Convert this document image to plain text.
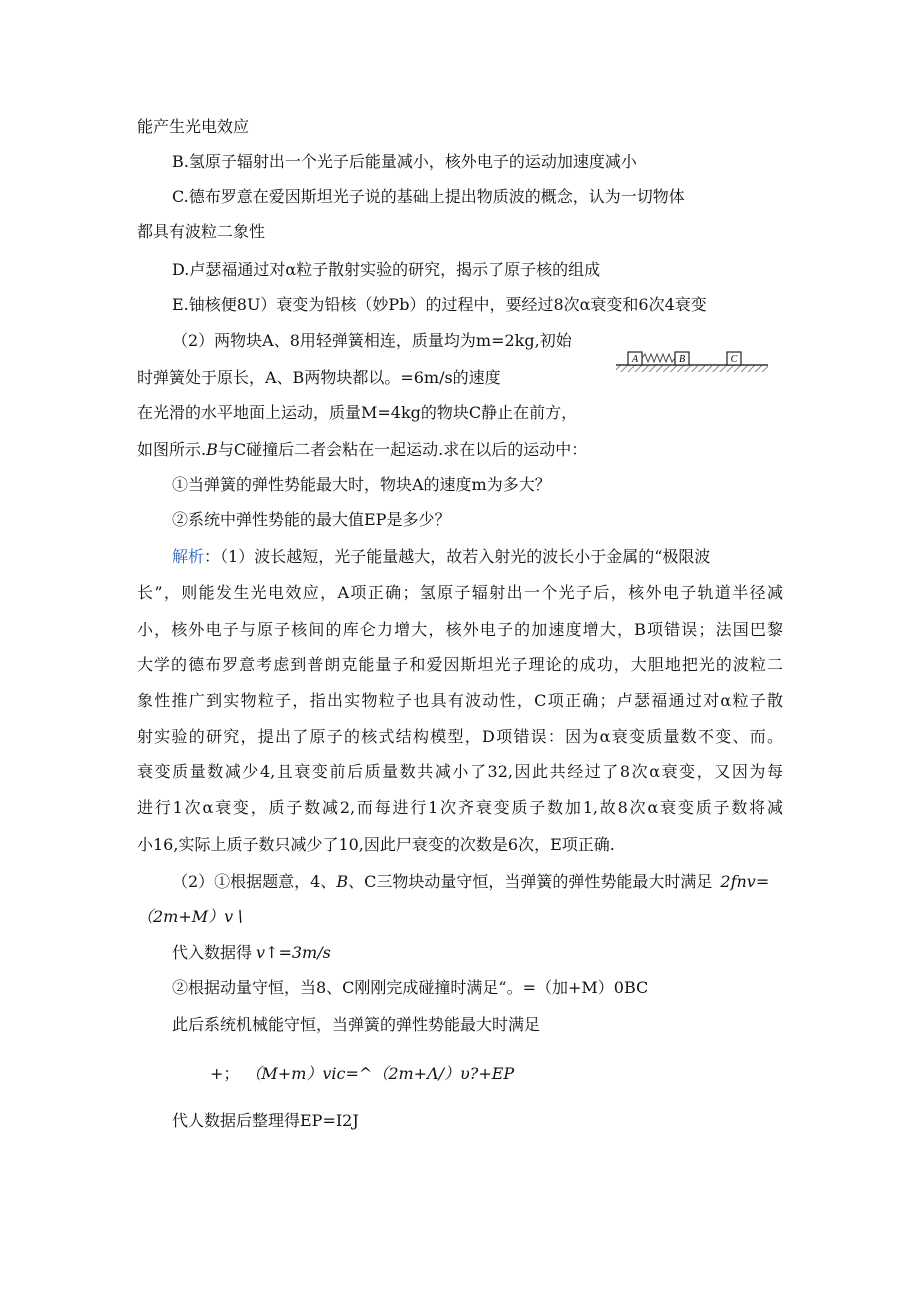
能产生光电效应
B.氢原子辐射出一个光子后能量减小，核外电子的运动加速度减小
C.德布罗意在爱因斯坦光子说的基础上提出物质波的概念，认为一切物体
都具有波粒二象性
D.卢瑟福通过对α粒子散射实验的研究，揭示了原子核的组成
E.铀核便8U）衰变为铅核（妙Pb）的过程中，要经过8次α衰变和6次4衰变
（2）两物块A、8用轻弹簧相连，质量均为m=2kg,初始
时弹簧处于原长，A、B两物块都以。=6m/s的速度
在光滑的水平地面上运动，质量M=4kg的物块C静止在前方，
如图所示.B与C碰撞后二者会粘在一起运动.求在以后的运动中：
①当弹簧的弹性势能最大时，物块A的速度m为多大？
②系统中弹性势能的最大值EP是多少？
A	B	C
解析：（1）波长越短，光子能量越大，故若入射光的波长小于金属的“极限波
长”，则能发生光电效应，A项正确；氢原子辐射出一个光子后，核外电子轨道半径减
小，核外电子与原子核间的库仑力增大，核外电子的加速度增大，B项错误；法国巴黎
大学的德布罗意考虑到普朗克能量子和爱因斯坦光子理论的成功，大胆地把光的波粒二
象性推广到实物粒子，指出实物粒子也具有波动性，C项正确；卢瑟福通过对α粒子散
射实验的研究，提出了原子的核式结构模型，D项错误：因为α衰变质量数不变、而。
衰变质量数减少4,且衰变前后质量数共减小了32,因此共经过了8次α衰变，又因为每
进行1次α衰变，质子数减2,而每进行1次齐衰变质子数加1,故8次α衰变质子数将减
小16,实际上质子数只减少了10,因此尸衰变的次数是6次，E项正确.
（2）①根据题意，4、B、C三物块动量守恒，当弹簧的弹性势能最大时满足 2fnv=
（2m+M）v∖
代入数据得 v↑=3m/s
②根据动量守恒，当8、C刚刚完成碰撞时满足“。=（加+M）0BC
此后系统机械能守恒，当弹簧的弹性势能最大时满足
+； （M+m）vic=^（2m+Λ/）υ?+EP
代人数据后整理得EP=I2J
